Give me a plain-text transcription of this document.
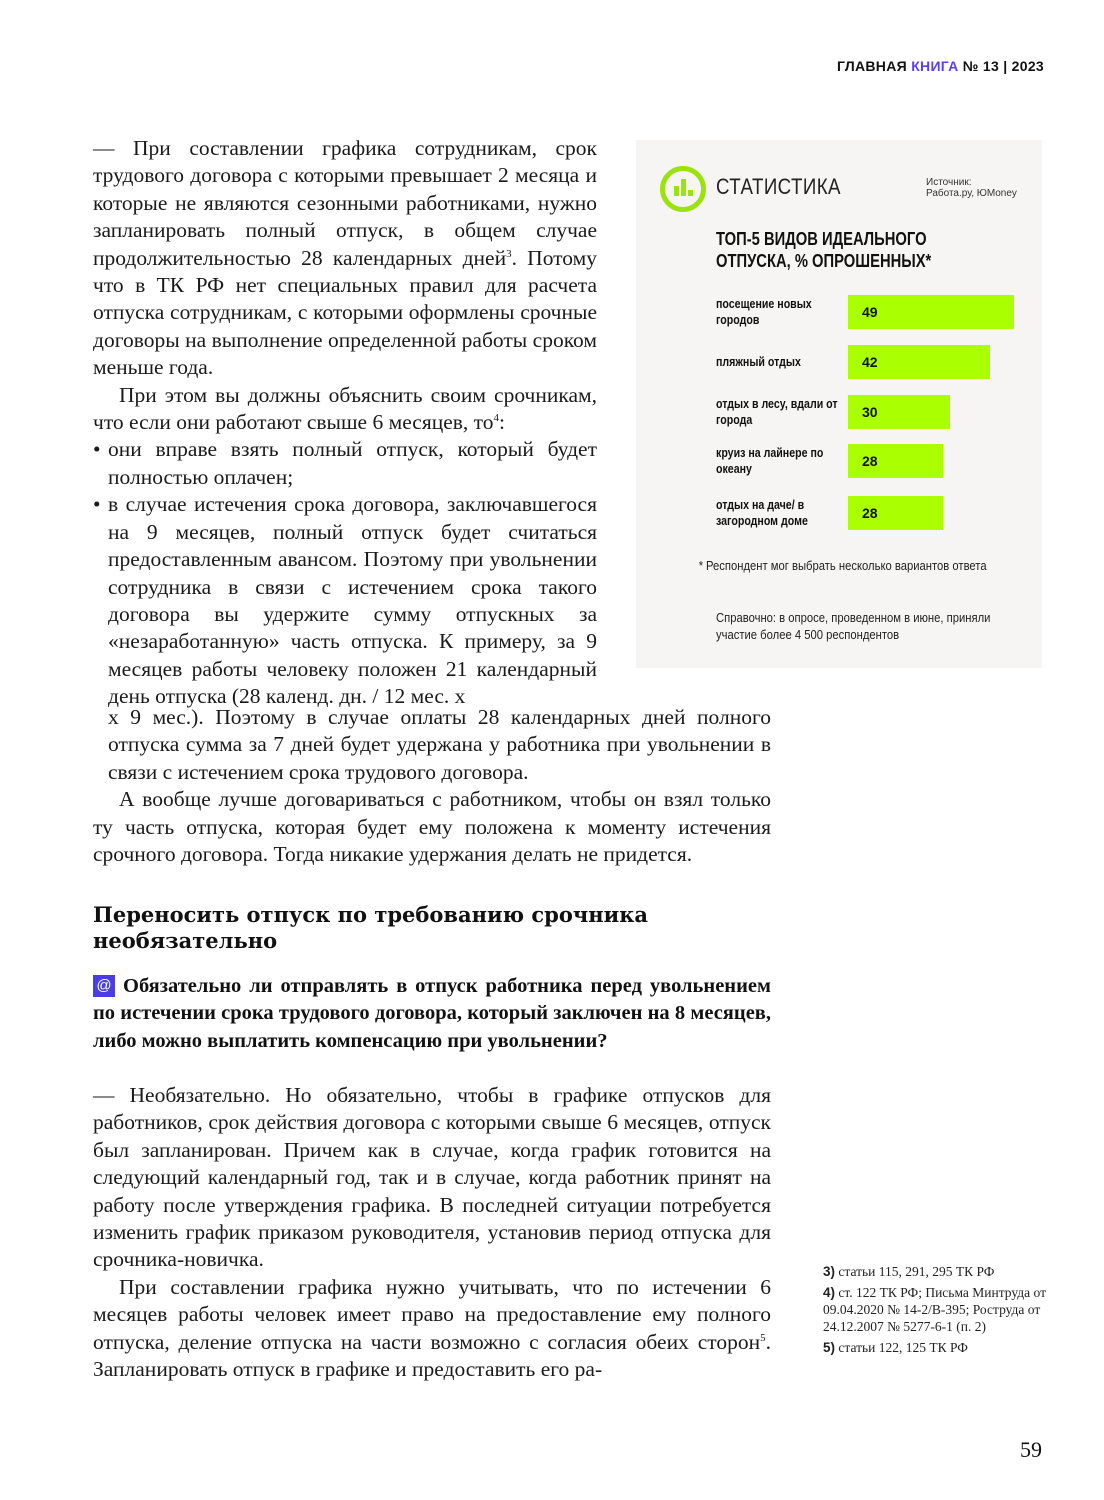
ГЛАВНАЯ КНИГА № 13 | 2023

— При составлении графика сотрудникам, срок трудового договора с которыми превышает 2 месяца и которые не являются сезонными работниками, нужно запланировать полный отпуск, в общем случае продолжительностью 28 календарных дней$^3$. Потому что в ТК РФ нет специальных правил для расчета отпуска сотрудникам, с которыми оформлены срочные договоры на выполнение определенной работы сроком меньше года.

При этом вы должны объяснить своим срочникам, что если они работают свыше 6 месяцев, $то^4$:

• они вправе взять полный отпуск, который будет полностью оплачен;
• в случае истечения срока договора, заключавшегося на 9 месяцев, полный отпуск будет считаться предоставленным авансом. Поэтому при увольнении сотрудника в связи с истечением срока такого договора вы удержите сумму отпускных за «незаработанную» часть отпуска. К примеру, за 9 месяцев работы человеку положен 21 календарный день отпуска (28 календ. дн. / 12 мес. х

х 9 мес.). Поэтому в случае оплаты 28 календарных дней полного отпуска сумма за 7 дней будет удержана у работника при увольнении в связи с истечением срока трудового договора.

А вообще лучше договариваться с работником, чтобы он взял только ту часть отпуска, которая будет ему положена к моменту истечения срочного договора. Тогда никакие удержания делать не придется.

СТАТИСТИКА	Источник:
Работа.ру, ЮMoney
ТОП-5 ВИДОВ ИДЕАЛЬНОГО
ОТПУСКА, % ОПРОШЕННЫХ*
посещение новых городов	49
пляжный отдых	42
отдых в лесу, вдали от города	30
круиз на лайнере по океану	28
отдых на даче/ в загородном доме	28
* Респондент мог выбрать несколько вариантов ответа
Справочно: в опросе, проведенном в июне, приняли участие более 4 500 респондентов
Переносить отпуск по требованию срочника необязательно
@ Обязательно ли отправлять в отпуск работника перед увольнением по истечении срока трудового договора, который заключен на 8 месяцев, либо можно выплатить компенсацию при увольнении?

— Необязательно. Но обязательно, чтобы в графике отпусков для работников, срок действия договора с которыми свыше 6 месяцев, отпуск был запланирован. Причем как в случае, когда график готовится на следующий календарный год, так и в случае, когда работник принят на работу после утверждения графика. В последней ситуации потребуется изменить график приказом руководителя, установив период отпуска для срочника-новичка.

При составлении графика нужно учитывать, что по истечении 6 месяцев работы человек имеет право на предоставление ему полного отпуска, деление отпуска на части возможно с согласия обеих сторон$^5$. Запланировать отпуск в графике и предоставить его ра-

3) статьи 115, 291, 295 ТК РФ
4) ст. 122 ТК РФ; Письма Минтруда от 09.04.2020 № 14-2/В-395; Роструда от 24.12.2007 № 5277-6-1 (п. 2)
5) статьи 122, 125 ТК РФ
59
